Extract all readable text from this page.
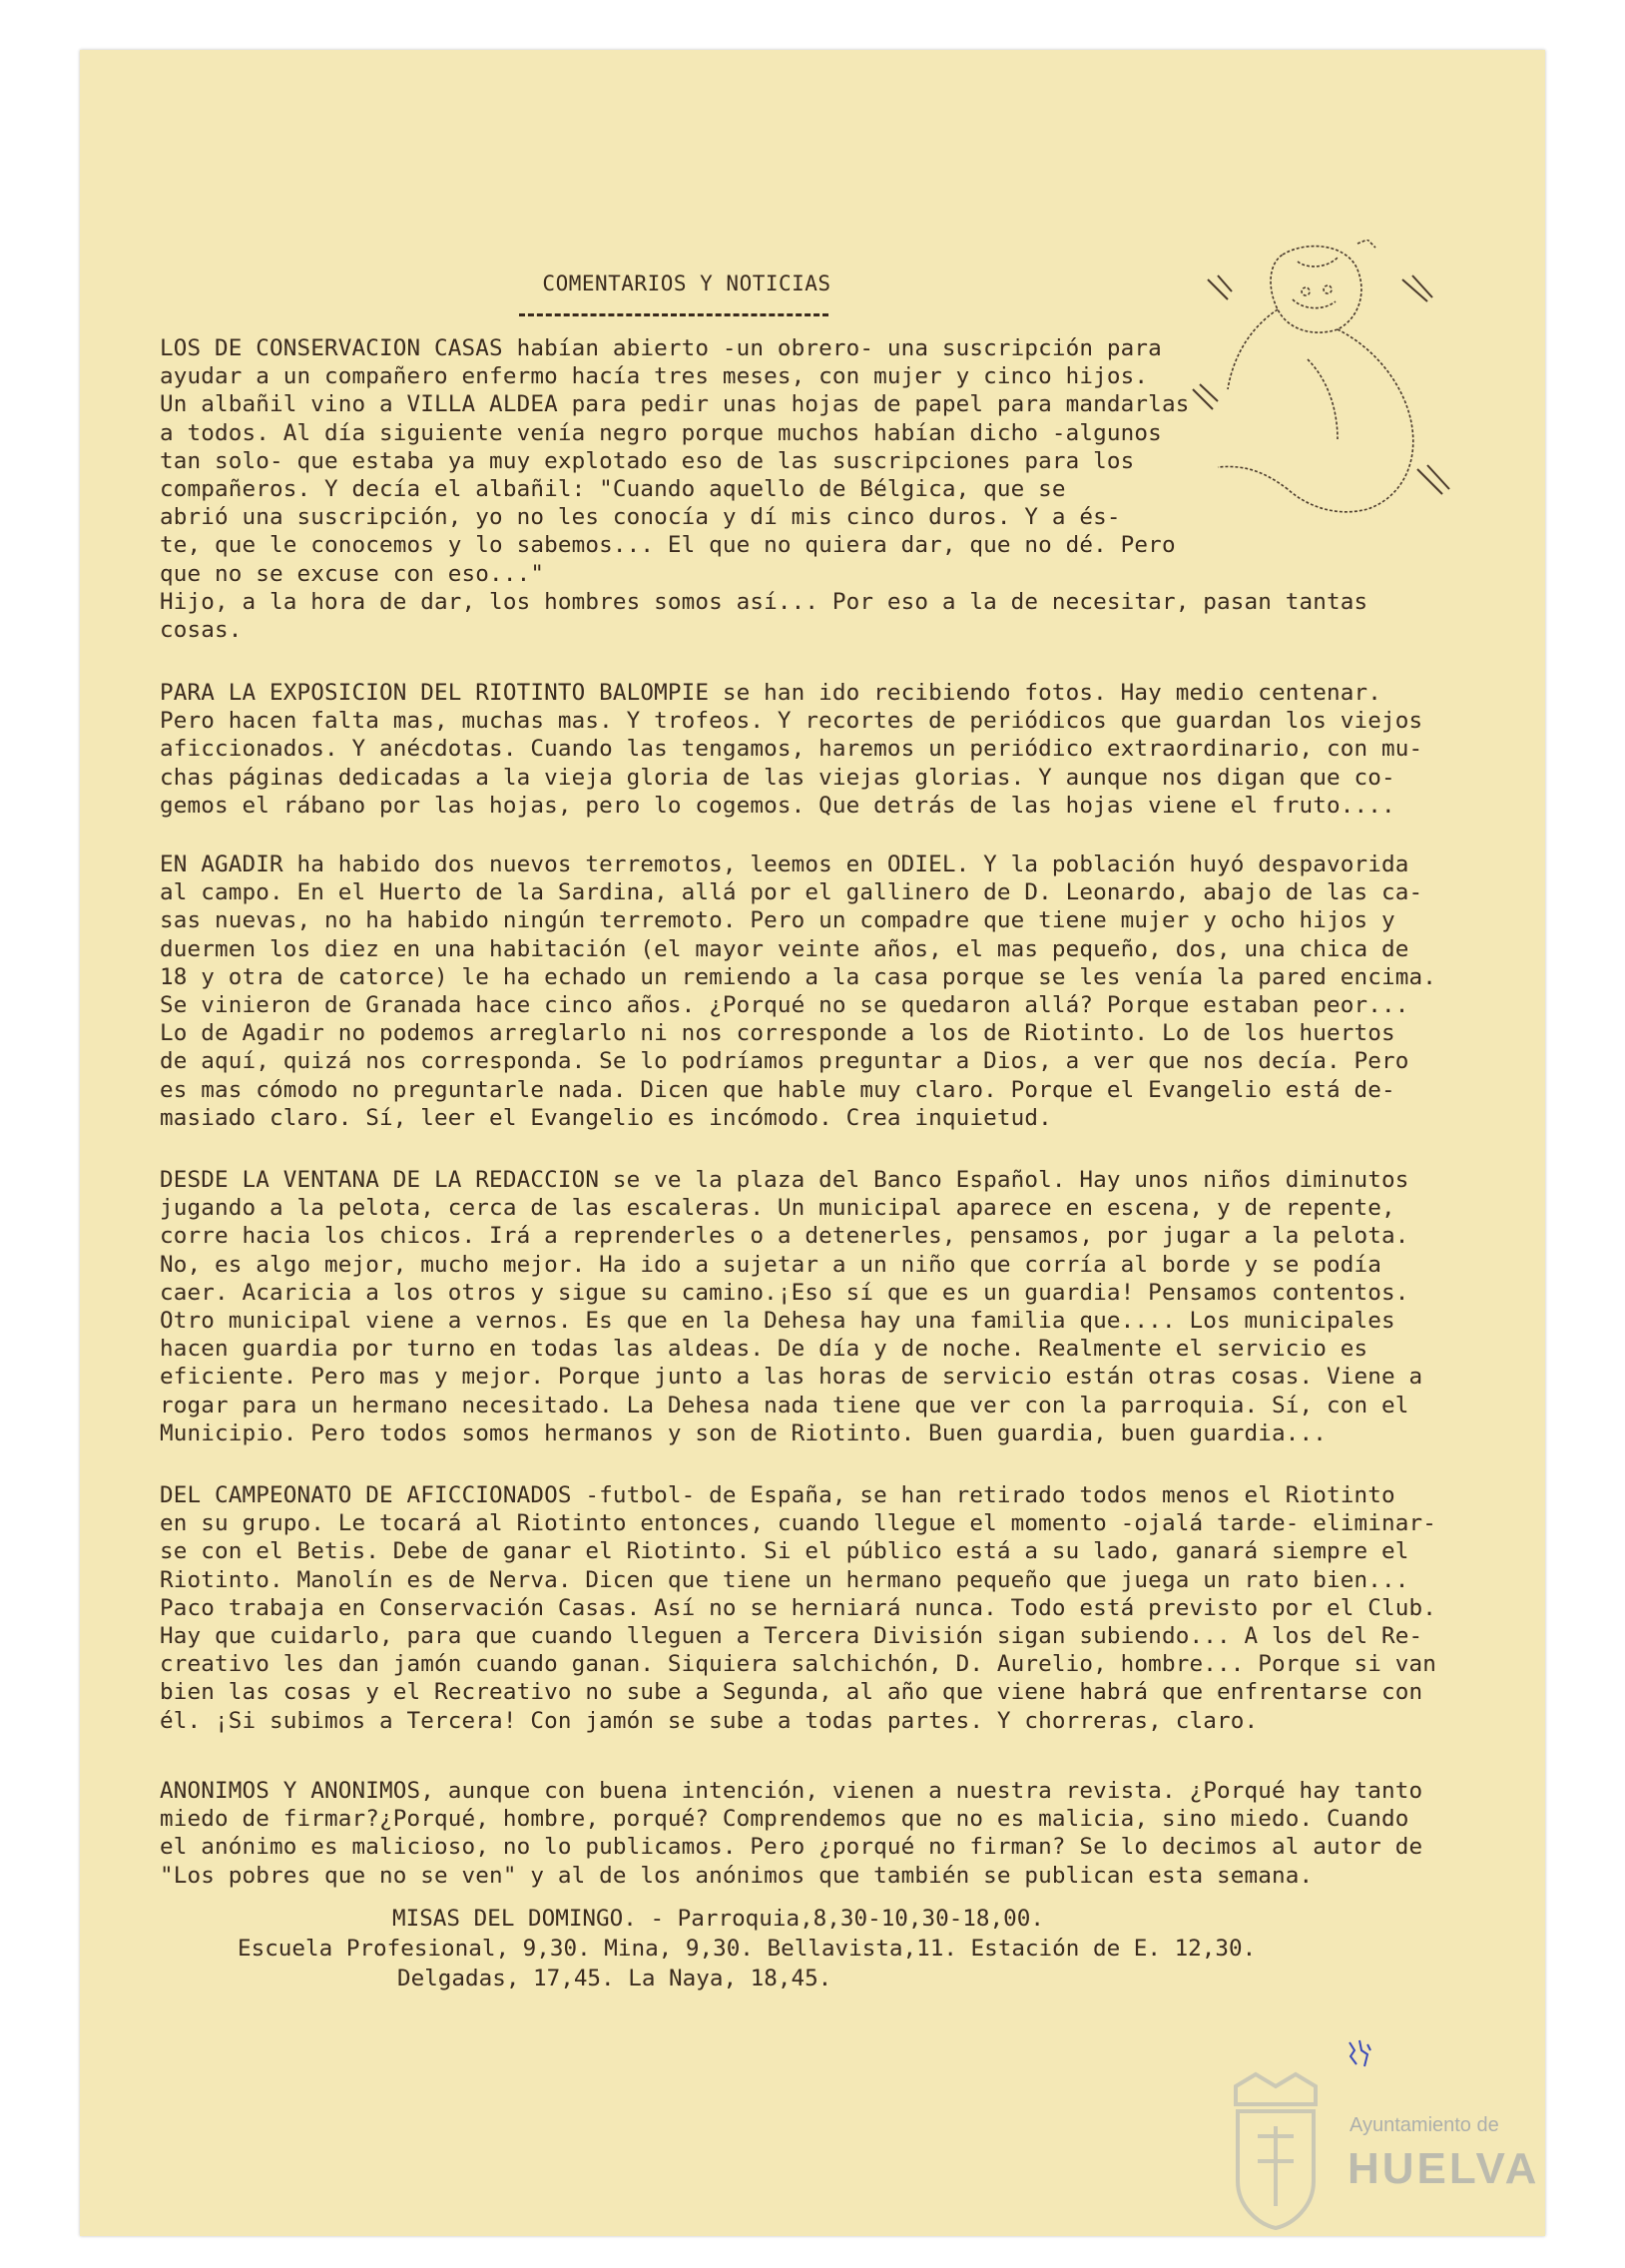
COMENTARIOS Y NOTICIAS
LOS DE CONSERVACION CASAS habían abierto -un obrero- una suscripción para
ayudar a un compañero enfermo hacía tres meses, con mujer y cinco hijos.
Un albañil vino a VILLA ALDEA para pedir unas hojas de papel para mandarlas
a todos. Al día siguiente venía negro porque muchos habían dicho -algunos
tan solo- que estaba ya muy explotado eso de las suscripciones para los
compañeros. Y decía el albañil: "Cuando aquello de Bélgica, que se
abrió una suscripción, yo no les conocía y dí mis cinco duros. Y a és-
te, que le conocemos y lo sabemos... El que no quiera dar, que no dé. Pero
que no se excuse con eso..."
Hijo, a la hora de dar, los hombres somos así... Por eso a la de necesitar, pasan tantas
cosas.
PARA LA EXPOSICION DEL RIOTINTO BALOMPIE se han ido recibiendo fotos. Hay medio centenar.
Pero hacen falta mas, muchas mas. Y trofeos. Y recortes de periódicos que guardan los viejos
aficcionados. Y anécdotas. Cuando las tengamos, haremos un periódico extraordinario, con mu-
chas páginas dedicadas a la vieja gloria de las viejas glorias. Y aunque nos digan que co-
gemos el rábano por las hojas, pero lo cogemos. Que detrás de las hojas viene el fruto....
EN AGADIR ha habido dos nuevos terremotos, leemos en ODIEL. Y la población huyó despavorida
al campo. En el Huerto de la Sardina, allá por el gallinero de D. Leonardo, abajo de las ca-
sas nuevas, no ha habido ningún terremoto. Pero un compadre que tiene mujer y ocho hijos y
duermen los diez en una habitación (el mayor veinte años, el mas pequeño, dos, una chica de
18 y otra de catorce) le ha echado un remiendo a la casa porque se les venía la pared encima.
Se vinieron de Granada hace cinco años. ¿Porqué no se quedaron allá? Porque estaban peor...
Lo de Agadir no podemos arreglarlo ni nos corresponde a los de Riotinto. Lo de los huertos
de aquí, quizá nos corresponda. Se lo podríamos preguntar a Dios, a ver que nos decía. Pero
es mas cómodo no preguntarle nada. Dicen que hable muy claro. Porque el Evangelio está de-
masiado claro. Sí, leer el Evangelio es incómodo. Crea inquietud.
DESDE LA VENTANA DE LA REDACCION se ve la plaza del Banco Español. Hay unos niños diminutos
jugando a la pelota, cerca de las escaleras. Un municipal aparece en escena, y de repente,
corre hacia los chicos. Irá a reprenderles o a detenerles, pensamos, por jugar a la pelota.
No, es algo mejor, mucho mejor. Ha ido a sujetar a un niño que corría al borde y se podía
caer. Acaricia a los otros y sigue su camino.¡Eso sí que es un guardia! Pensamos contentos.
Otro municipal viene a vernos. Es que en la Dehesa hay una familia que.... Los municipales
hacen guardia por turno en todas las aldeas. De día y de noche. Realmente el servicio es
eficiente. Pero mas y mejor. Porque junto a las horas de servicio están otras cosas. Viene a
rogar para un hermano necesitado. La Dehesa nada tiene que ver con la parroquia. Sí, con el
Municipio. Pero todos somos hermanos y son de Riotinto. Buen guardia, buen guardia...
DEL CAMPEONATO DE AFICCIONADOS -futbol- de España, se han retirado todos menos el Riotinto
en su grupo. Le tocará al Riotinto entonces, cuando llegue el momento -ojalá tarde- eliminar-
se con el Betis. Debe de ganar el Riotinto. Si el público está a su lado, ganará siempre el
Riotinto. Manolín es de Nerva. Dicen que tiene un hermano pequeño que juega un rato bien...
Paco trabaja en Conservación Casas. Así no se herniará nunca. Todo está previsto por el Club.
Hay que cuidarlo, para que cuando lleguen a Tercera División sigan subiendo... A los del Re-
creativo les dan jamón cuando ganan. Siquiera salchichón, D. Aurelio, hombre... Porque si van
bien las cosas y el Recreativo no sube a Segunda, al año que viene habrá que enfrentarse con
él. ¡Si subimos a Tercera! Con jamón se sube a todas partes. Y chorreras, claro.
ANONIMOS Y ANONIMOS, aunque con buena intención, vienen a nuestra revista. ¿Porqué hay tanto
miedo de firmar?¿Porqué, hombre, porqué? Comprendemos que no es malicia, sino miedo. Cuando
el anónimo es malicioso, no lo publicamos. Pero ¿porqué no firman? Se lo decimos al autor de
"Los pobres que no se ven" y al de los anónimos que también se publican esta semana.
MISAS DEL DOMINGO. - Parroquia,8,30-10,30-18,00.
Escuela Profesional, 9,30. Mina, 9,30. Bellavista,11. Estación de E. 12,30.
Delgadas, 17,45. La Naya, 18,45.
Ayuntamiento de
HUELVA
